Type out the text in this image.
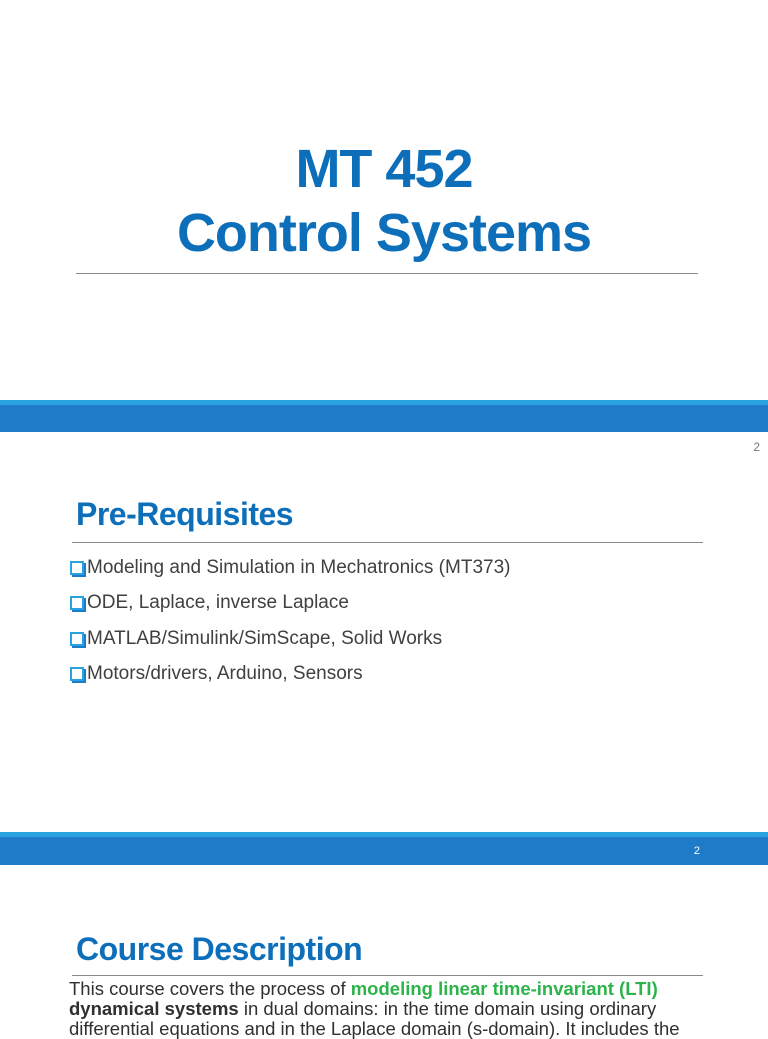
MT 452
Control Systems
2
Pre-Requisites
Modeling and Simulation in Mechatronics (MT373)
ODE, Laplace, inverse Laplace
MATLAB/Simulink/SimScape, Solid Works
Motors/drivers, Arduino, Sensors
2
Course Description

This course covers the process of modeling linear time-invariant (LTI) dynamical systems in dual domains: in the time domain using ordinary differential equations and in the Laplace domain (s-domain). It includes the
